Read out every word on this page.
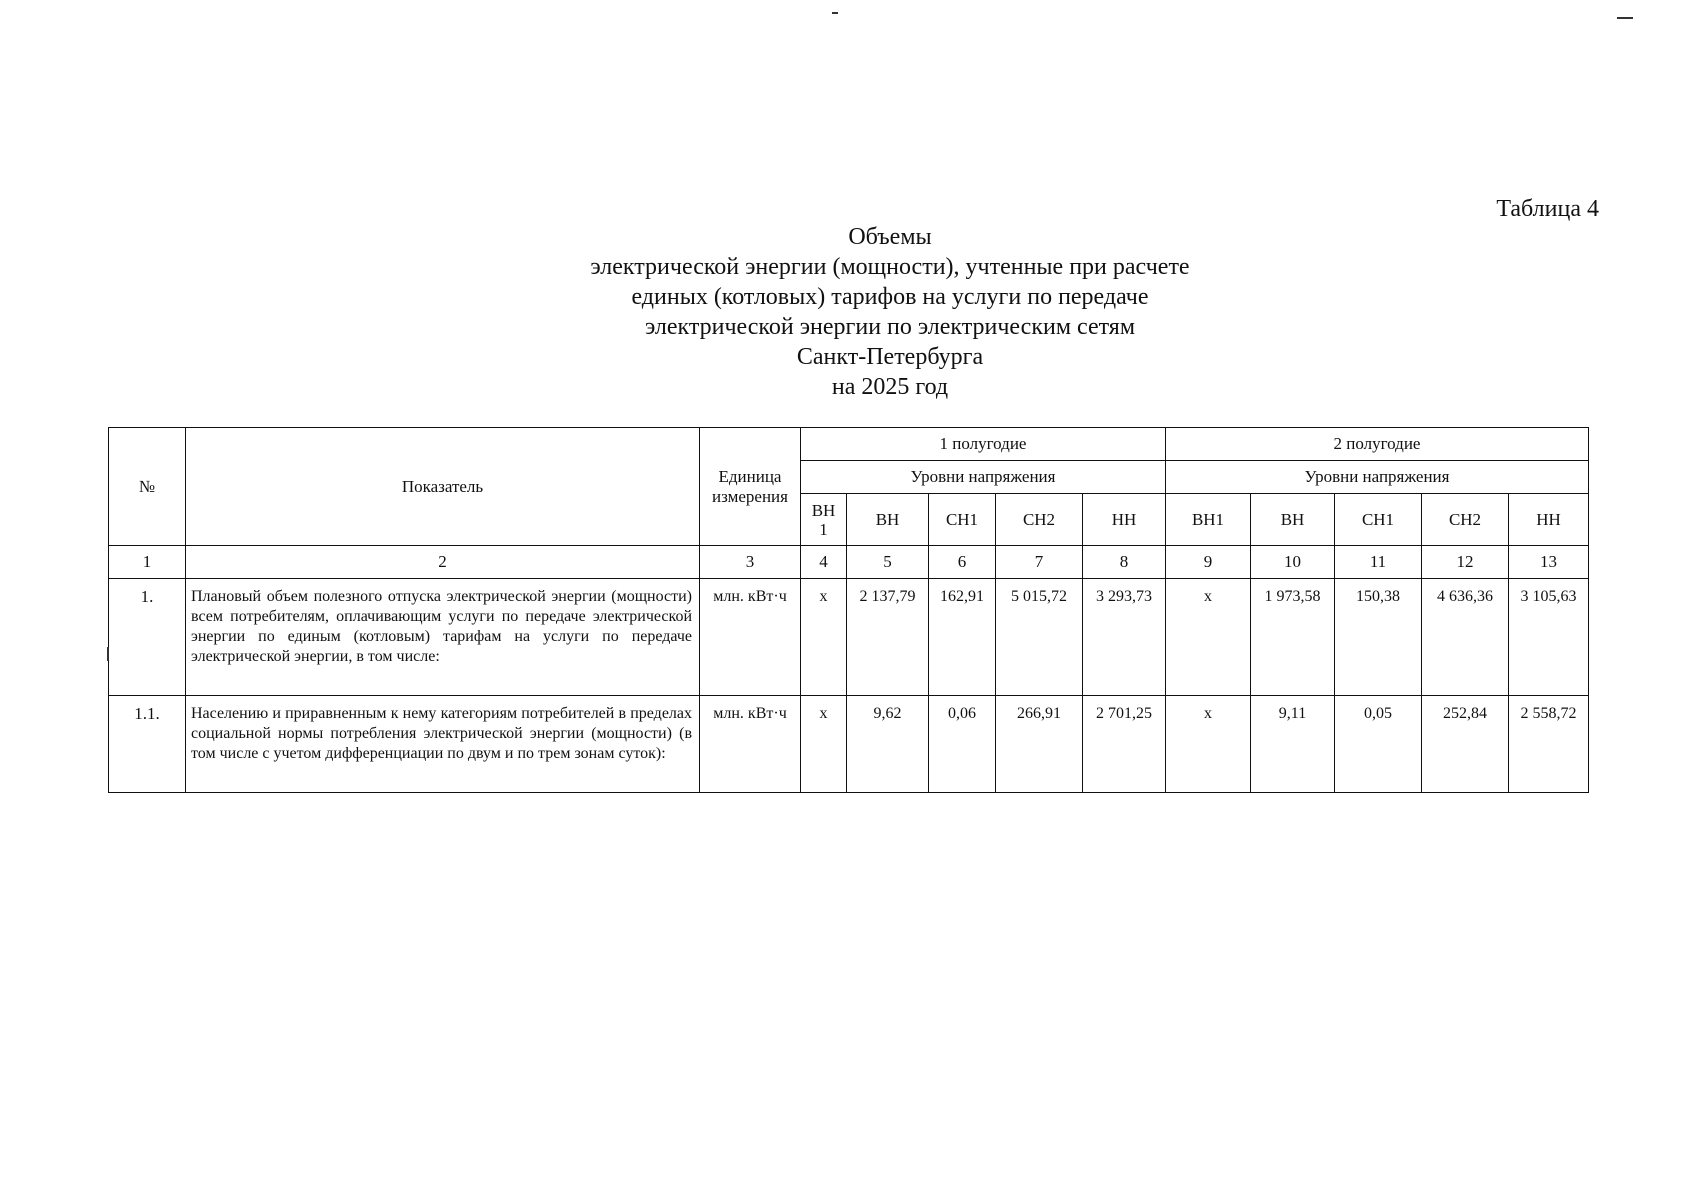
Таблица 4
Объемы
электрической энергии (мощности), учтенные при расчете
единых (котловых) тарифов на услуги по передаче
электрической энергии по электрическим сетям
Санкт-Петербурга
на 2025 год
№	Показатель	Единица измерения	1 полугодие					2 полугодие				
			Уровни напряжения					Уровни напряжения				
			ВН 1	ВН	СН1	СН2	НН	ВН1	ВН	СН1	СН2	НН
1	2	3	4	5	6	7	8	9	10	11	12	13
1.	Плановый объем полезного отпуска электрической энергии (мощности) всем потребителям, оплачивающим услуги по передаче электрической энергии по единым (котловым) тарифам на услуги по передаче электрической энергии, в том числе:	млн. кВт·ч	x	2 137,79	162,91	5 015,72	3 293,73	x	1 973,58	150,38	4 636,36	3 105,63
1.1.	Населению и приравненным к нему категориям потребителей в пределах социальной нормы потребления электрической энергии (мощности) (в том числе с учетом дифференциации по двум и по трем зонам суток):	млн. кВт·ч	x	9,62	0,06	266,91	2 701,25	x	9,11	0,05	252,84	2 558,72
